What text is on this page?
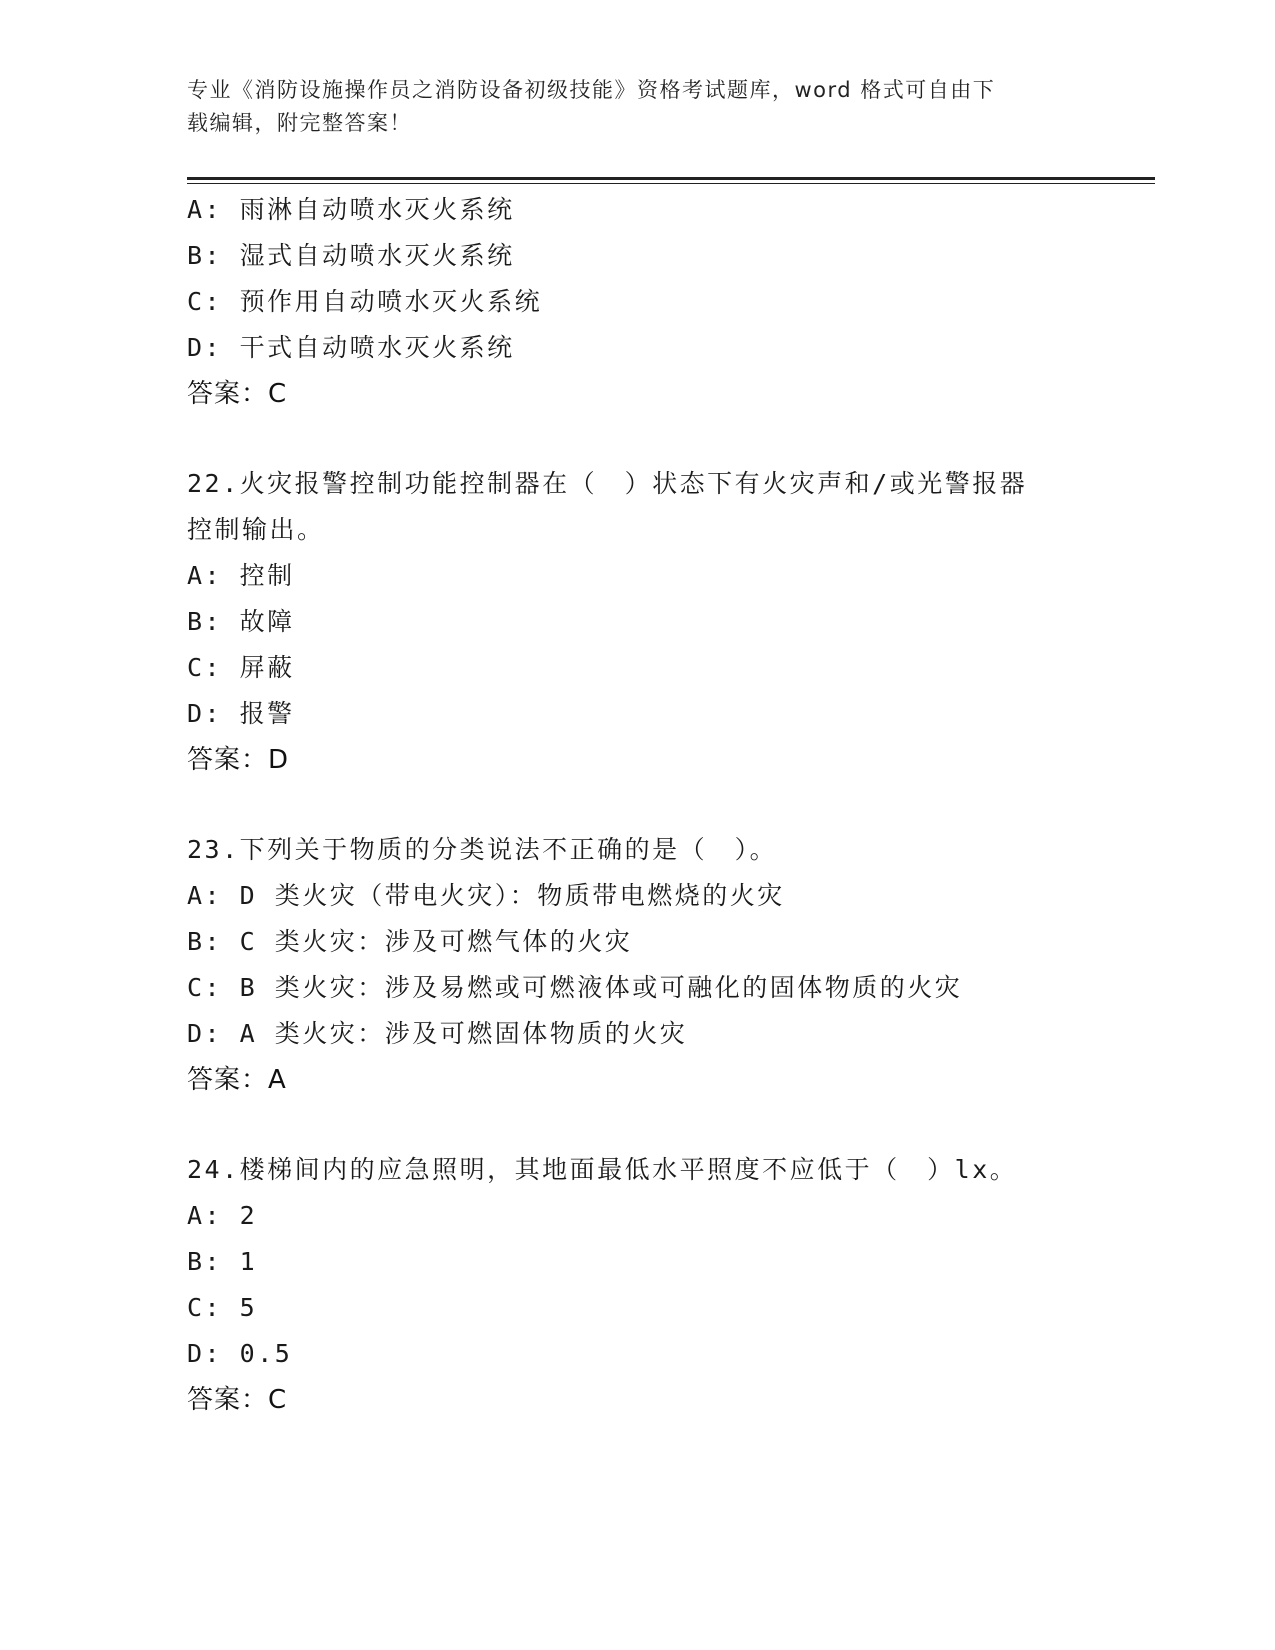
专业《消防设施操作员之消防设备初级技能》资格考试题库，word 格式可自由下
载编辑，附完整答案！
A: 雨淋自动喷水灭火系统
B: 湿式自动喷水灭火系统
C: 预作用自动喷水灭火系统
D: 干式自动喷水灭火系统
答案：C
22.火灾报警控制功能控制器在（　）状态下有火灾声和/或光警报器
控制输出。
A: 控制
B: 故障
C: 屏蔽
D: 报警
答案：D
23.下列关于物质的分类说法不正确的是（　）。
A: D 类火灾（带电火灾）：物质带电燃烧的火灾
B: C 类火灾：涉及可燃气体的火灾
C: B 类火灾：涉及易燃或可燃液体或可融化的固体物质的火灾
D: A 类火灾：涉及可燃固体物质的火灾
答案：A
24.楼梯间内的应急照明，其地面最低水平照度不应低于（　）lx。
A: 2
B: 1
C: 5
D: 0.5
答案：C
